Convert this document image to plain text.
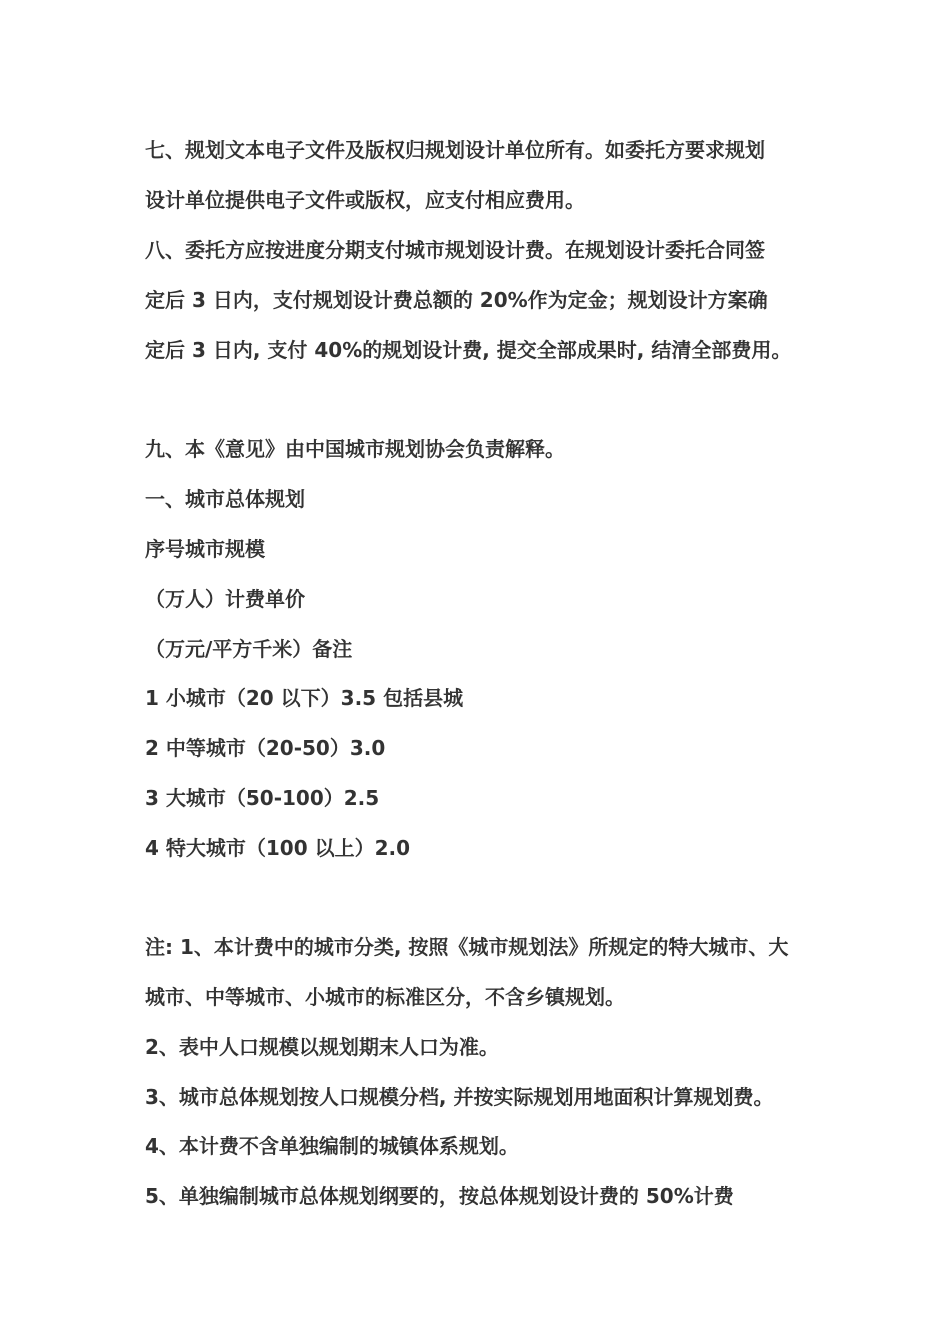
七、规划文本电子文件及版权归规划设计单位所有。如委托方要求规划
设计单位提供电子文件或版权，应支付相应费用。
八、委托方应按进度分期支付城市规划设计费。在规划设计委托合同签
定后 3 日内，支付规划设计费总额的 20%作为定金；规划设计方案确
定后 3 日内, 支付 40%的规划设计费, 提交全部成果时, 结清全部费用。
九、本《意见》由中国城市规划协会负责解释。
一、城市总体规划
序号城市规模
（万人）计费单价
（万元/平方千米）备注
1 小城市（20 以下）3.5 包括县城
2 中等城市（20-50）3.0
3 大城市（50-100）2.5
4 特大城市（100 以上）2.0
注: 1、本计费中的城市分类, 按照《城市规划法》所规定的特大城市、大
城市、中等城市、小城市的标准区分，不含乡镇规划。
2、表中人口规模以规划期末人口为准。
3、城市总体规划按人口规模分档, 并按实际规划用地面积计算规划费。
4、本计费不含单独编制的城镇体系规划。
5、单独编制城市总体规划纲要的，按总体规划设计费的 50%计费
